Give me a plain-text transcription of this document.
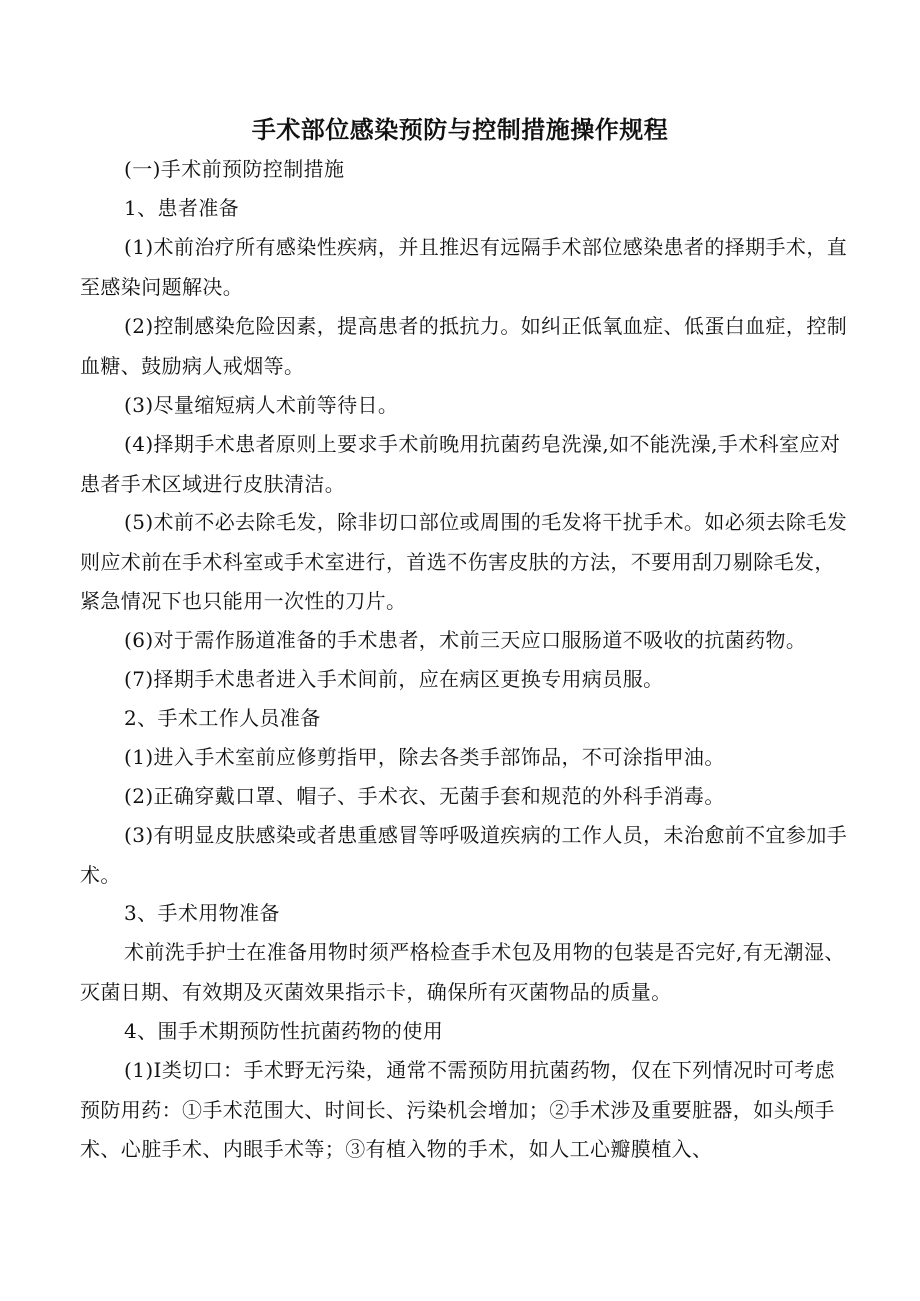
手术部位感染预防与控制措施操作规程

(一)手术前预防控制措施

1、患者准备

(1)术前治疗所有感染性疾病，并且推迟有远隔手术部位感染患者的择期手术，直至感染问题解决。

(2)控制感染危险因素，提高患者的抵抗力。如纠正低氧血症、低蛋白血症，控制血糖、鼓励病人戒烟等。

(3)尽量缩短病人术前等待日。

(4)择期手术患者原则上要求手术前晚用抗菌药皂洗澡,如不能洗澡,手术科室应对患者手术区域进行皮肤清洁。

(5)术前不必去除毛发，除非切口部位或周围的毛发将干扰手术。如必须去除毛发则应术前在手术科室或手术室进行，首选不伤害皮肤的方法，不要用刮刀剔除毛发，紧急情况下也只能用一次性的刀片。

(6)对于需作肠道准备的手术患者，术前三天应口服肠道不吸收的抗菌药物。

(7)择期手术患者进入手术间前，应在病区更换专用病员服。

2、手术工作人员准备

(1)进入手术室前应修剪指甲，除去各类手部饰品，不可涂指甲油。

(2)正确穿戴口罩、帽子、手术衣、无菌手套和规范的外科手消毒。

(3)有明显皮肤感染或者患重感冒等呼吸道疾病的工作人员，未治愈前不宜参加手术。

3、手术用物准备

术前洗手护士在准备用物时须严格检查手术包及用物的包装是否完好,有无潮湿、灭菌日期、有效期及灭菌效果指示卡，确保所有灭菌物品的质量。

4、围手术期预防性抗菌药物的使用

(1)Ⅰ类切口：手术野无污染，通常不需预防用抗菌药物，仅在下列情况时可考虑预防用药：①手术范围大、时间长、污染机会增加；②手术涉及重要脏器，如头颅手术、心脏手术、内眼手术等；③有植入物的手术，如人工心瓣膜植入、
